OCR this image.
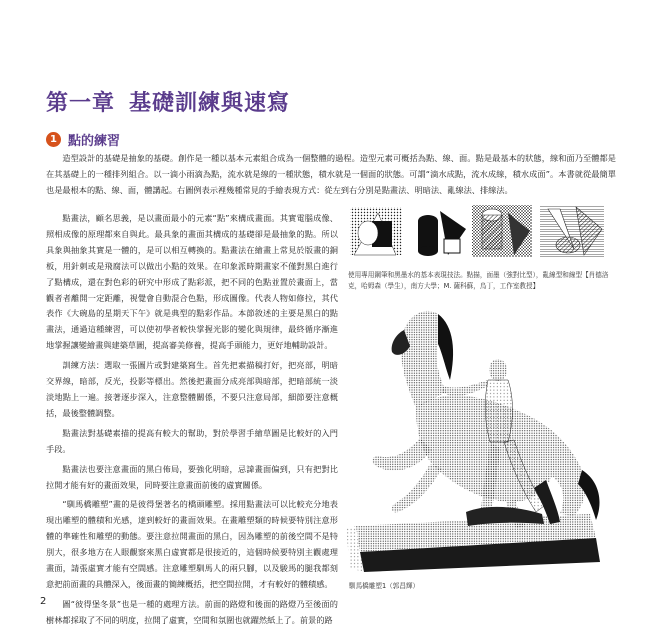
第一章 基礎訓練與速寫
1 點的練習

造型設計的基礎是抽象的基礎。創作是一種以基本元素組合成為一個整體的過程。造型元素可概括為點、線、面。點是最基本的狀態，線和面乃至體都是在其基礎上的一種排列組合。以一滴小雨滴為點，流水就是線的一種狀態，積水就是一個面的狀態。可謂“滴水成點，流水成線，積水成面”。本書就從最簡單也是最根本的點、線、面，體講起。右圖例表示裡幾種常見的手繪表現方式：從左到右分別是點畫法、明暗法、亂線法、排線法。

點畫法，顧名思義，是以畫面最小的元素“點”來構成畫面。其實電腦成像、照相成像的原理都來自與此。最具象的畫面其構成的基礎卻是最抽象的點。所以具象與抽象其實是一體的，是可以相互轉換的。點畫法在繪畫上常見於版畫的銅板，用針刺或是飛腐法可以做出小點的效果。在印象派時期畫家不僅對黑白進行了點構成，還在對色彩的研究中形成了點彩派，把不同的色點並置於畫面上，當觀者者離開一定距離，視覺會自動混合色點，形成圖像。代表人物如修拉，其代表作《大碗島的星期天下午》就是典型的點彩作品。本節敘述的主要是黑白的點畫法，通過這種練習，可以使初學者較快掌握光影的變化與規律，最終循序漸進地掌握讓變繪畫與建築草圖，提高審美修養，提高手頭能力，更好地輔助設計。

訓練方法：選取一張圖片或對建築寫生。首先把素描稿打好，把亮部，明暗交界線，暗部，反光，投影等標出。然後把畫面分成亮部與暗部，把暗部統一淡淡地點上一遍。接著逐步深入，注意整體關係，不要只注意局部，細節要注意概括，最後整體調整。

點畫法對基礎素描的提高有較大的幫助，對於學習手繪草圖是比較好的入門手段。

點畫法也要注意畫面的黑白佈局，要強化明暗，忌諱畫面偏到，只有把對比拉開才能有好的畫面效果，同時要注意畫面前後的虛實關係。

“馴馬橋雕塑”畫的是彼得堡著名的橋頭雕塑。採用點畫法可以比較充分地表現出雕塑的體積和光感，達到較好的畫面效果。在畫雕塑類的時候要特別注意形體的準確性和雕塑的動態。要注意拉開畫面的黑白，因為雕塑的前後空間不是特別大，很多地方在人眼觀察來黑白虛實都是很接近的，這個時候要特別主觀處理畫面，請張虛實才能有空間感。注意雕塑馴馬人的兩只腳，以及駿馬的腿我都刻意把前面畫的具體深入，後面畫的簡練概括，把空間拉開，才有較好的體積感。

圖“彼得堡冬景”也是一種的處理方法。前面的路燈和後面的路燈乃至後面的樹林都採取了不同的明度，拉開了虛實，空間和氛圍也就躍然紙上了。前景的路

使用專用鋼筆和黑墨水的基本表現技法。點描，面墨（強對比型），亂線型和線型【肖德洛克，哈姆森（學生），南方大學；M. 薩科蘇，烏丁，工作室教授】
馴馬橋雕塑1（郭昌輝）
2
